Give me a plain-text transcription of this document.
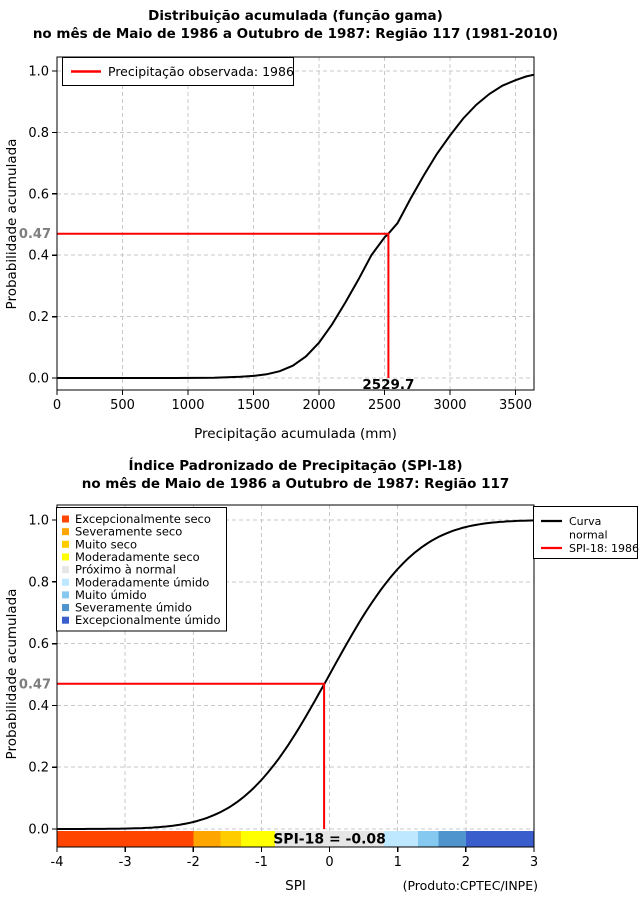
0	500	1000 1500 2000 2500 3000 3500
0.0
0.2
0.4
0.6
0.8
1.0
0.47
2529.7
Precipitação observada: 1986
-4	-3	-2	-1	0	1	2	3
0.0
0.2
0.4
0.6
0.8
1.0
0.47
SPI-18 = -0.08
Excepcionalmente seco
Severamente seco
Muito seco
Moderadamente seco
Próximo à normal
Moderadamente úmido
Muito úmido
Severamente úmido
Excepcionalmente úmido
Curva
normal
SPI-18: 1986
Distribuição acumulada (função gama)
no mês de Maio de 1986 a Outubro de 1987: Região 117 (1981-2010)
Precipitação acumulada (mm)
Probabilidade acumulada
Índice Padronizado de Precipitação (SPI-18)
no mês de Maio de 1986 a Outubro de 1987: Região 117
SPI
Probabilidade acumulada
(Produto:CPTEC/INPE)
